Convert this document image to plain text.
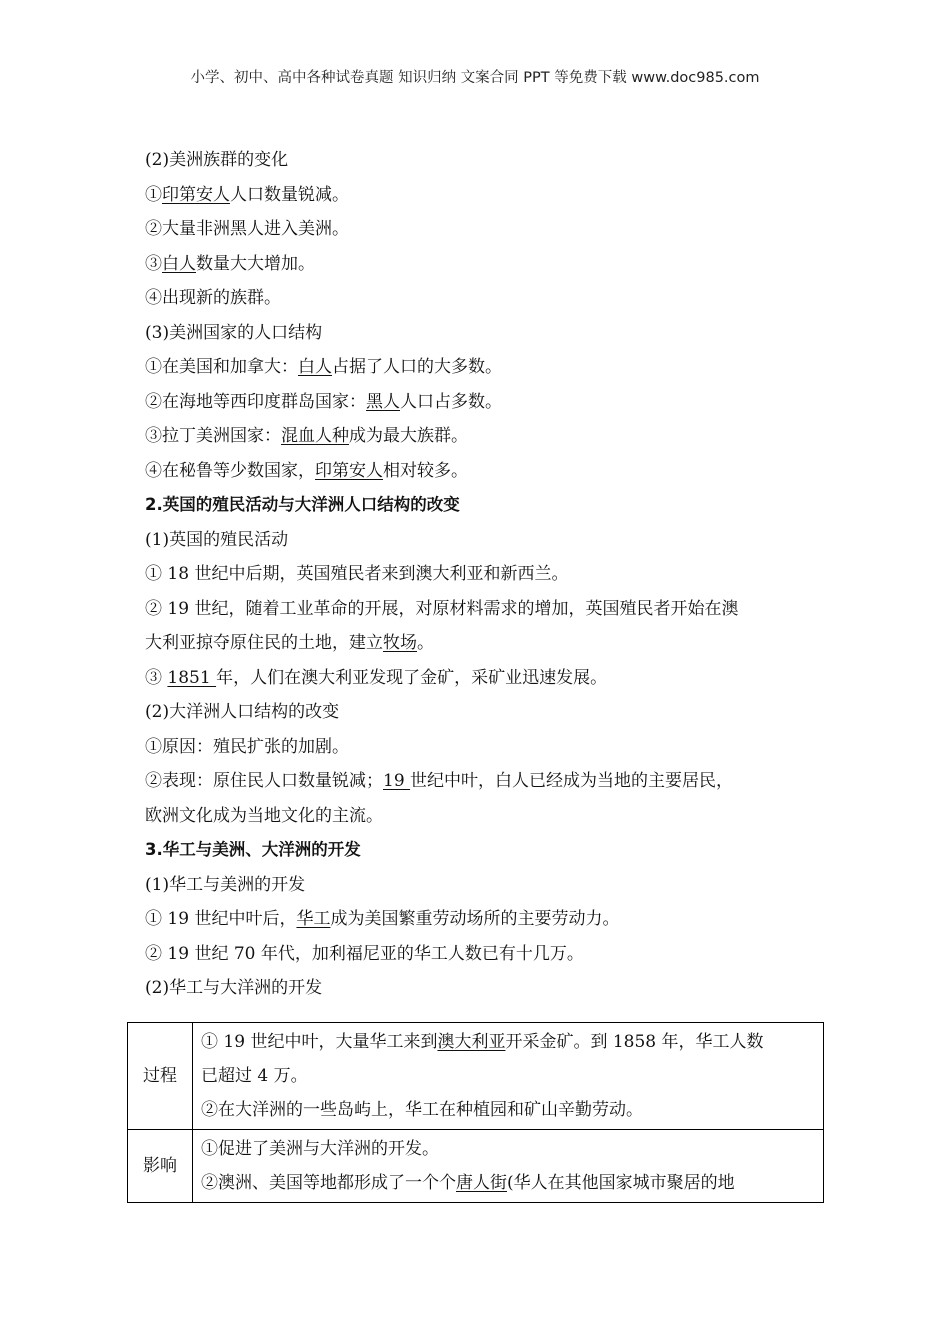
小学、初中、高中各种试卷真题 知识归纳 文案合同 PPT 等免费下载 www.doc985.com
(2)美洲族群的变化
①印第安人人口数量锐减。
②大量非洲黑人进入美洲。
③白人数量大大增加。
④出现新的族群。
(3)美洲国家的人口结构
①在美国和加拿大：白人占据了人口的大多数。
②在海地等西印度群岛国家：黑人人口占多数。
③拉丁美洲国家：混血人种成为最大族群。
④在秘鲁等少数国家，印第安人相对较多。
2.英国的殖民活动与大洋洲人口结构的改变
(1)英国的殖民活动
① 18 世纪中后期，英国殖民者来到澳大利亚和新西兰。
② 19 世纪，随着工业革命的开展，对原材料需求的增加，英国殖民者开始在澳
大利亚掠夺原住民的土地，建立牧场。
③ 1851 年，人们在澳大利亚发现了金矿，采矿业迅速发展。
(2)大洋洲人口结构的改变
①原因：殖民扩张的加剧。
②表现：原住民人口数量锐减；19 世纪中叶，白人已经成为当地的主要居民，
欧洲文化成为当地文化的主流。
3.华工与美洲、大洋洲的开发
(1)华工与美洲的开发
① 19 世纪中叶后，华工成为美国繁重劳动场所的主要劳动力。
② 19 世纪 70 年代，加利福尼亚的华工人数已有十几万。
(2)华工与大洋洲的开发
过程	① 19 世纪中叶，大量华工来到澳大利亚开采金矿。到 1858 年，华工人数
已超过 4 万。
②在大洋洲的一些岛屿上，华工在种植园和矿山辛勤劳动。

影响	①促进了美洲与大洋洲的开发。
②澳洲、美国等地都形成了一个个唐人街(华人在其他国家城市聚居的地
